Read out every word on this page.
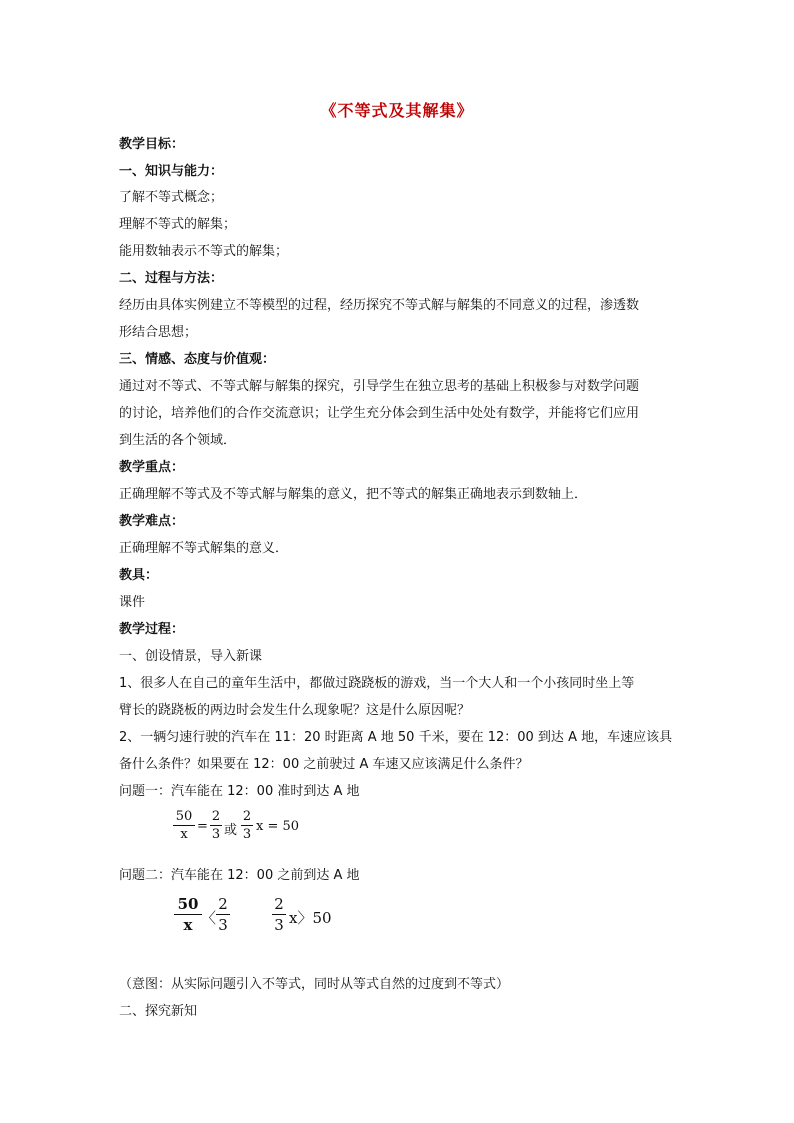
《不等式及其解集》
教学目标：
一、知识与能力：
了解不等式概念；
理解不等式的解集；
能用数轴表示不等式的解集；
二、过程与方法：
经历由具体实例建立不等模型的过程，经历探究不等式解与解集的不同意义的过程，渗透数
形结合思想；
三、情感、态度与价值观：
通过对不等式、不等式解与解集的探究，引导学生在独立思考的基础上积极参与对数学问题
的讨论，培养他们的合作交流意识；让学生充分体会到生活中处处有数学，并能将它们应用
到生活的各个领域．
教学重点：
正确理解不等式及不等式解与解集的意义，把不等式的解集正确地表示到数轴上．
教学难点：
正确理解不等式解集的意义．
教具：
课件
教学过程：
一、创设情景，导入新课
1、很多人在自己的童年生活中，都做过跷跷板的游戏，当一个大人和一个小孩同时坐上等
臂长的跷跷板的两边时会发生什么现象呢？这是什么原因呢？
2、一辆匀速行驶的汽车在 11：20 时距离 A 地 50 千米，要在 12：00 到达 A 地，车速应该具
备什么条件？如果要在 12：00 之前驶过 A 车速又应该满足什么条件？
问题一：汽车能在 12：00 准时到达 A 地
50
x
=
2
3 或
2
3
x = 50
问题二：汽车能在 12：00 之前到达 A 地
50
x 〈
2
3
2
3 x〉50
（意图：从实际问题引入不等式，同时从等式自然的过度到不等式）
二、探究新知
